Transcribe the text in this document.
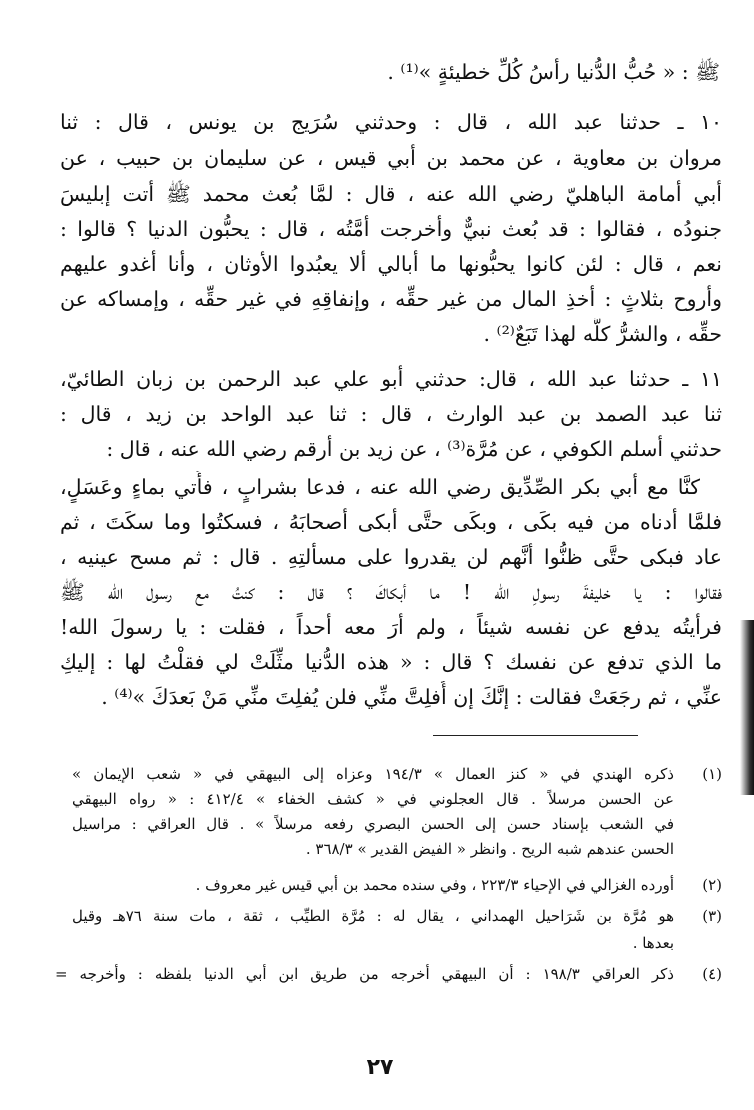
ﷺ : « حُبُّ الدُّنيا رأسُ كُلِّ خطيئةٍ »⁽¹⁾ .
١٠ ـ حدثنا عبد الله ، قال : وحدثني سُرَيج بن يونس ، قال : ثنا
مروان بن معاوية ، عن محمد بن أبي قيس ، عن سليمان بن حبيب ، عن
أبي أمامة الباهليّ رضي الله عنه ، قال : لمَّا بُعث محمد ﷺ أتت إبليسَ
جنودُه ، فقالوا : قد بُعث نبيٌّ وأخرجت أمَّتُه ، قال : يحبُّون الدنيا ؟ قالوا :
نعم ، قال : لئن كانوا يحبُّونها ما أبالي ألا يعبُدوا الأوثان ، وأنا أغدو عليهم
وأروح بثلاثٍ : أخذِ المال من غير حقِّه ، وإنفاقِهِ في غير حقِّه ، وإمساكه عن
حقِّه ، والشرُّ كلُّه لهذا تَبَعٌ⁽²⁾ .
١١ ـ حدثنا عبد الله ، قال: حدثني أبو علي عبد الرحمن بن زبان الطائيّ،
ثنا عبد الصمد بن عبد الوارث ، قال : ثنا عبد الواحد بن زيد ، قال :
حدثني أسلم الكوفي ، عن مُرَّة⁽³⁾ ، عن زيد بن أرقم رضي الله عنه ، قال :
كنَّا مع أبي بكر الصِّدِّيق رضي الله عنه ، فدعا بشرابٍ ، فأُتي بماءٍ وعَسَلٍ،
فلمَّا أدناه من فيه بكَى ، وبكَى حتَّى أبكى أصحابَهُ ، فسكتُوا وما سكَتَ ، ثم
عاد فبكى حتَّى ظنُّوا أنَّهم لن يقدروا على مسألتِهِ . قال : ثم مسح عينيه ،
فقالوا : يا خليفةَ رسولِ الله ! ما أبكاكَ ؟ قال : كنتُ مع رسول الله ﷺ
فرأيتُه يدفع عن نفسه شيئاً ، ولم أرَ معه أحداً ، فقلت : يا رسولَ الله!
ما الذي تدفع عن نفسك ؟ قال : « هذه الدُّنيا مثِّلَتْ لي فقلْتُ لها : إليكِ
عنِّي ، ثم رجَعَتْ فقالت : إنَّكَ إن أُفلِتَّ منِّي فلن يُفلِتَ منِّي مَنْ بَعدَكَ »⁽⁴⁾ .
(١)
ذكره الهندي في « كنز العمال » ١٩٤/٣ وعزاه إلى البيهقي في « شعب الإيمان »
عن الحسن مرسلاً . قال العجلوني في « كشف الخفاء » ٤١٢/٤ : « رواه البيهقي
في الشعب بإسناد حسن إلى الحسن البصري رفعه مرسلاً » . قال العراقي : مراسيل
الحسن عندهم شبه الريح . وانظر « الفيض القدير » ٣٦٨/٣ .
(٢)
أورده الغزالي في الإحياء ٢٢٣/٣ ، وفي سنده محمد بن أبي قيس غير معروف .
(٣)
هو مُرَّة بن شَرَاحيل الهمداني ، يقال له : مُرَّة الطيِّب ، ثقة ، مات سنة ٧٦هـ وقيل
بعدها .
(٤)
ذكر العراقي ١٩٨/٣ : أن البيهقي أخرجه من طريق ابن أبي الدنيا بلفظه : وأخرجه =
٢٧
